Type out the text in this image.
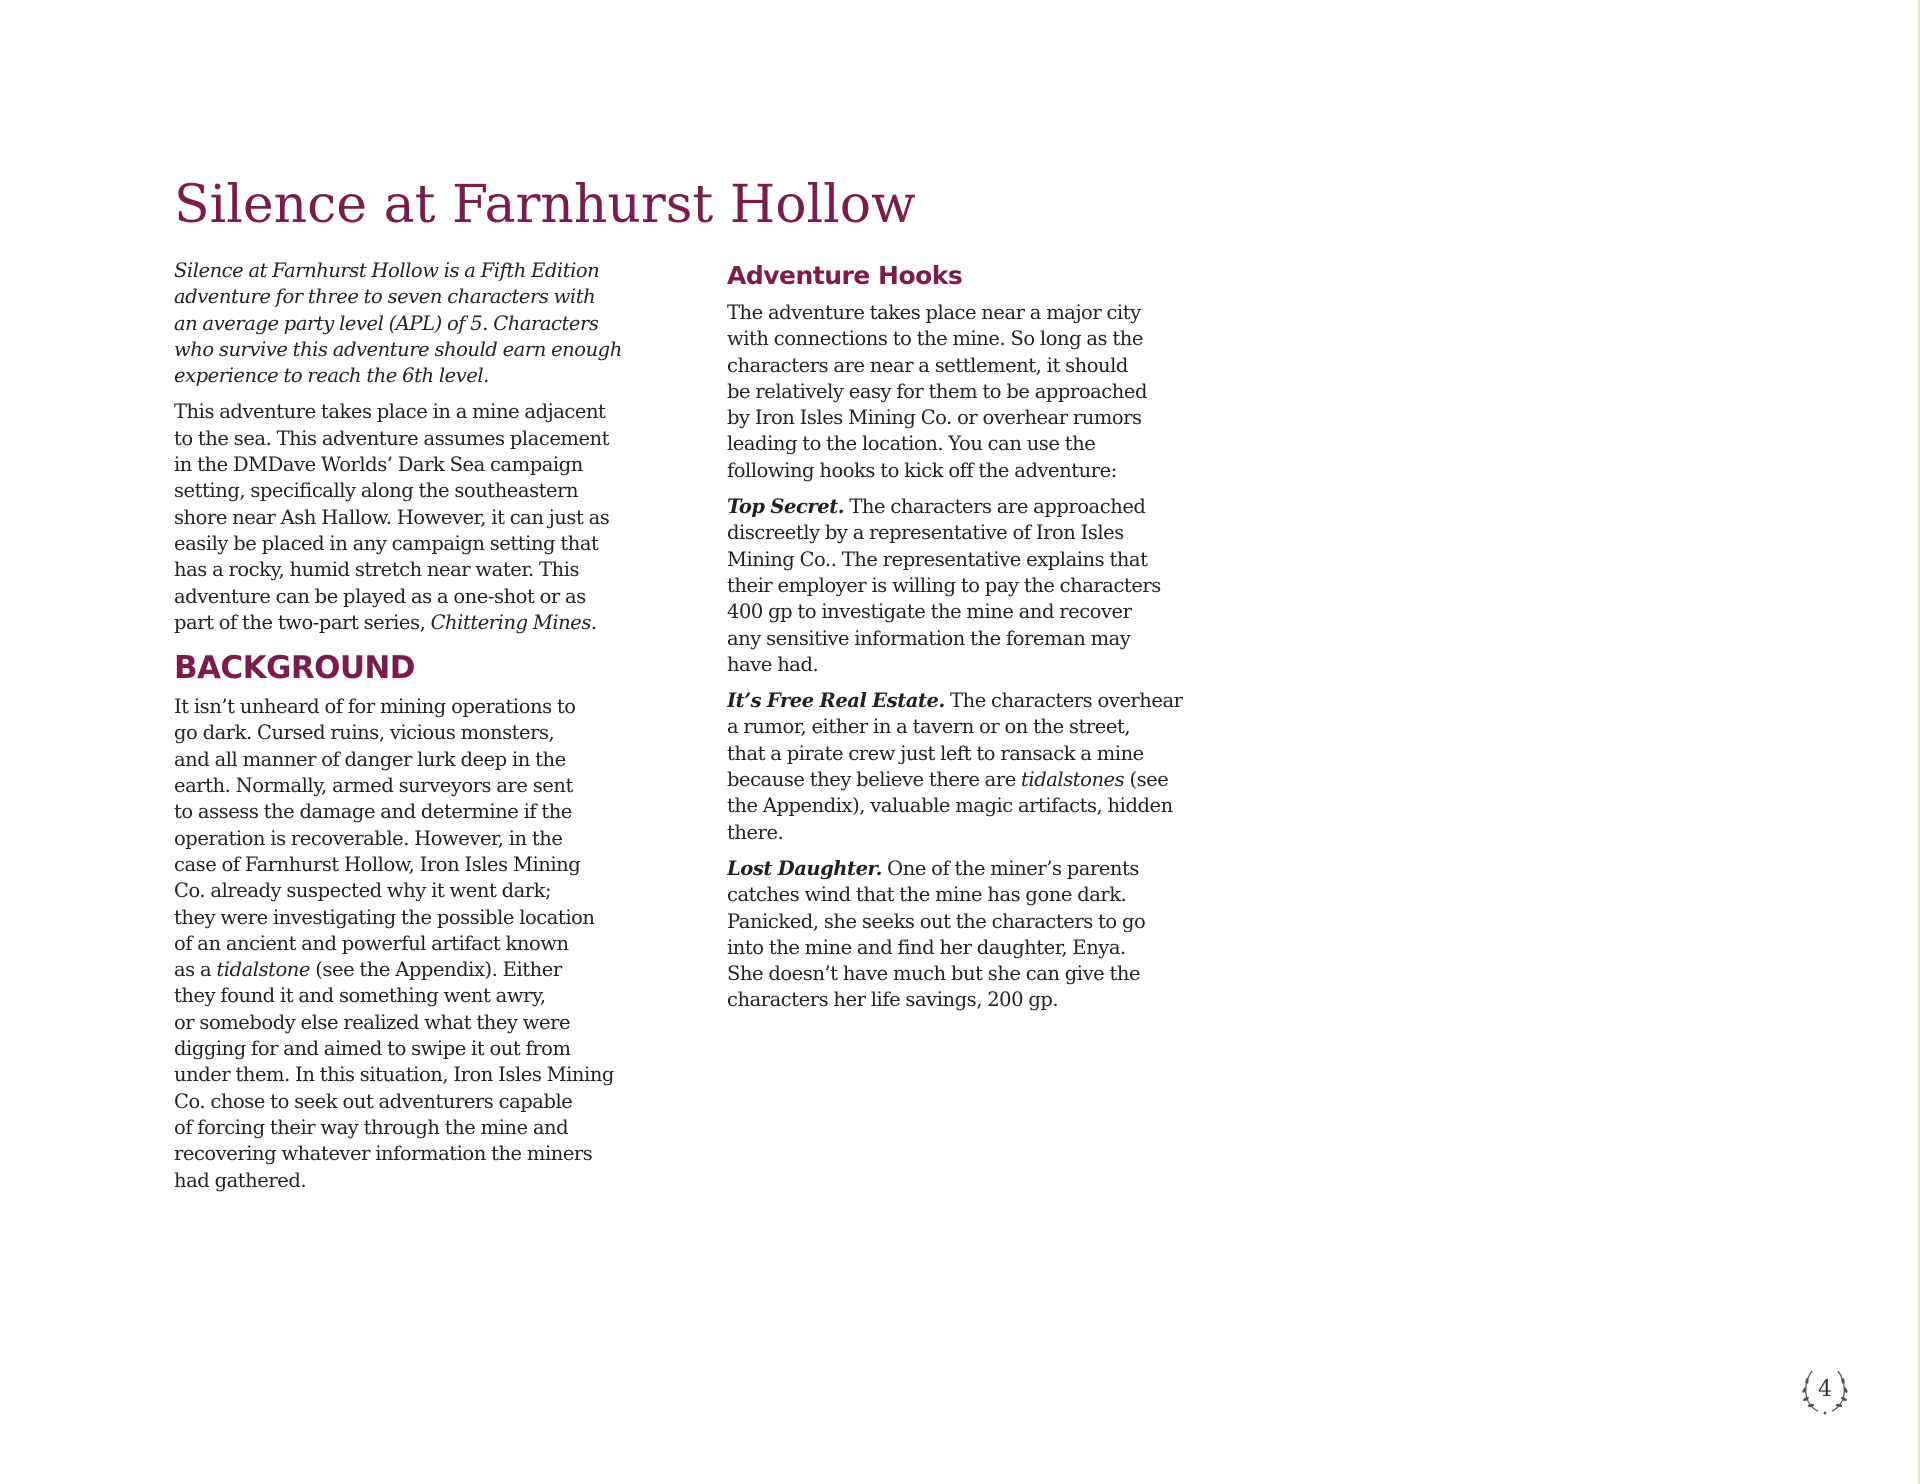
Silence at Farnhurst Hollow

Silence at Farnhurst Hollow is a Fifth Edition
adventure for three to seven characters with
an average party level (APL) of 5. Characters
who survive this adventure should earn enough
experience to reach the 6th level.

This adventure takes place in a mine adjacent
to the sea. This adventure assumes placement
in the DMDave Worlds’ Dark Sea campaign
setting, specifically along the southeastern
shore near Ash Hallow. However, it can just as
easily be placed in any campaign setting that
has a rocky, humid stretch near water. This
adventure can be played as a one-shot or as
part of the two-part series, Chittering Mines.

BACKGROUND

It isn’t unheard of for mining operations to
go dark. Cursed ruins, vicious monsters,
and all manner of danger lurk deep in the
earth. Normally, armed surveyors are sent
to assess the damage and determine if the
operation is recoverable. However, in the
case of Farnhurst Hollow, Iron Isles Mining
Co. already suspected why it went dark;
they were investigating the possible location
of an ancient and powerful artifact known
as a tidalstone (see the Appendix). Either
they found it and something went awry,
or somebody else realized what they were
digging for and aimed to swipe it out from
under them. In this situation, Iron Isles Mining
Co. chose to seek out adventurers capable
of forcing their way through the mine and
recovering whatever information the miners
had gathered.

Adventure Hooks

The adventure takes place near a major city
with connections to the mine. So long as the
characters are near a settlement, it should
be relatively easy for them to be approached
by Iron Isles Mining Co. or overhear rumors
leading to the location. You can use the
following hooks to kick off the adventure:

Top Secret. The characters are approached
discreetly by a representative of Iron Isles
Mining Co.. The representative explains that
their employer is willing to pay the characters
400 gp to investigate the mine and recover
any sensitive information the foreman may
have had.

It’s Free Real Estate. The characters overhear
a rumor, either in a tavern or on the street,
that a pirate crew just left to ransack a mine
because they believe there are tidalstones (see
the Appendix), valuable magic artifacts, hidden
there.

Lost Daughter. One of the miner’s parents
catches wind that the mine has gone dark.
Panicked, she seeks out the characters to go
into the mine and find her daughter, Enya.
She doesn’t have much but she can give the
characters her life savings, 200 gp.

4
